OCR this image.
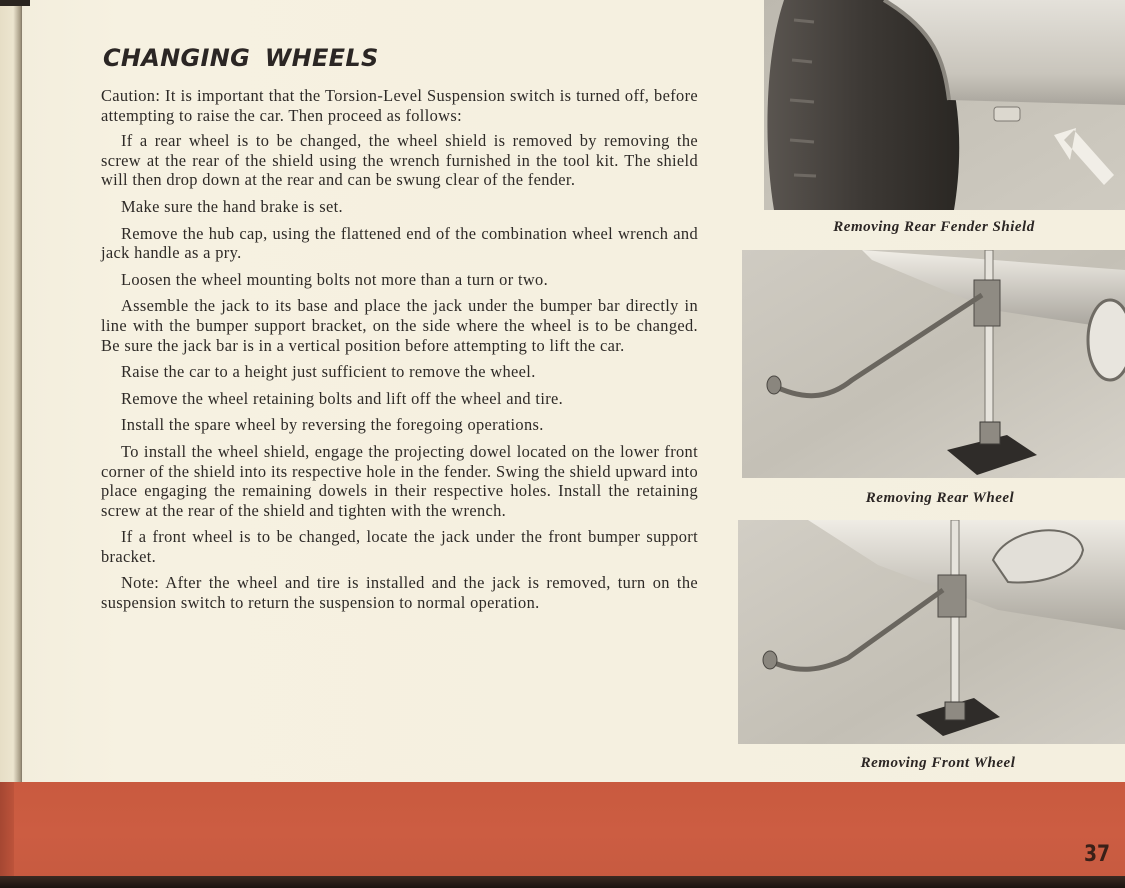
CHANGING WHEELS

Caution: It is important that the Torsion-Level Suspension switch is turned off, before attempting to raise the car. Then proceed as follows:

If a rear wheel is to be changed, the wheel shield is removed by removing the screw at the rear of the shield using the wrench furnished in the tool kit. The shield will then drop down at the rear and can be swung clear of the fender.

Make sure the hand brake is set.

Remove the hub cap, using the flattened end of the combination wheel wrench and jack handle as a pry.

Loosen the wheel mounting bolts not more than a turn or two.

Assemble the jack to its base and place the jack under the bumper bar directly in line with the bumper support bracket, on the side where the wheel is to be changed. Be sure the jack bar is in a vertical position before attempting to lift the car.

Raise the car to a height just sufficient to remove the wheel.

Remove the wheel retaining bolts and lift off the wheel and tire.

Install the spare wheel by reversing the foregoing operations.

To install the wheel shield, engage the projecting dowel located on the lower front corner of the shield into its respective hole in the fender. Swing the shield upward into place engaging the remaining dowels in their respective holes. Install the retaining screw at the rear of the shield and tighten with the wrench.

If a front wheel is to be changed, locate the jack under the front bumper support bracket.

Note: After the wheel and tire is installed and the jack is removed, turn on the suspension switch to return the suspension to normal operation.

Removing Rear Fender Shield
Removing Rear Wheel
Removing Front Wheel
37
